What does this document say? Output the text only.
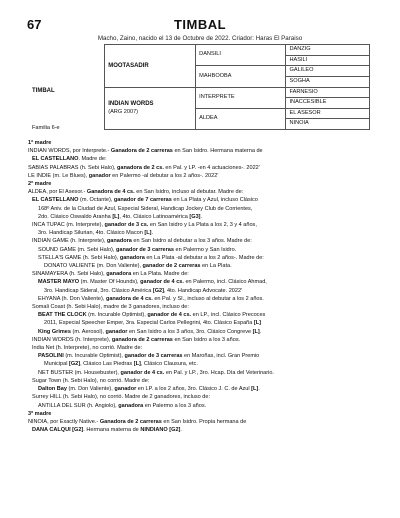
67	TIMBAL
Macho, Zaino, nacido el 13 de Octubre de 2022. Criador: Haras El Paraiso
TIMBAL
Familia 6-e	MOOTASADIR	DANSILI	DANZIG
			HASILI
		MAHBOOBA	GALILEO
			SOGHA
	INDIAN WORDS
(ARG 2007)	INTERPRETE	FARNESIO
			INACCESIBLE
		ALDEA	EL ASESOR
			NINOIA
1ª madre
INDIAN WORDS, por Interprete.- Ganadora de 2 carreras en San Isidro. Hermana materna de
EL CASTELLANO. Madre de:
SABIAS PALABRAS (h. Sebi Halo), ganadora de 2 cs. en Pal. y LP. -en 4 actuaciones-. 2022'
LE INDIE (m. Le Blues), ganador en Palermo -al debutar a los 2 años-. 2022'
2ª madre
ALDEA, por El Asesor.- Ganadora de 4 cs. en San Isidro, incluso al debutar. Madre de:
EL CASTELLANO (m. Octante), ganador de 7 carreras en La Plata y Azul, incluso Clásico
168º Aniv. de la Ciudad de Azul, Especial Sideral, Handicap Jockey Club de Corrientes,
2do. Clásico Oswaldo Aranha [L], 4to. Clásico Latinoamérica [G3].
INCA TUPAC (m. Interprete), ganador de 3 cs. en San Isidro y La Plata a los 2, 3 y 4 años,
3ro. Handicap Silurian, 4to. Clásico Macon [L].
INDIAN GAME (h. Interprete), ganadora en San Isidro al debutar a los 3 años. Madre de:
SOUND GAME (m. Sebi Halo), ganador de 3 carreras en Palermo y San Isidro.
STELLA'S GAME (h. Sebi Halo), ganadora en La Plata -al debutar a los 2 años-. Madre de:
DONATO VALIENTE (m. Don Valiente), ganador de 2 carreras en La Plata.
SINAMAYERA (h. Sebi Halo), ganadora en La Plata. Madre de:
MASTER MAYO (m. Master Of Hounds), ganador de 4 cs. en Palermo, incl. Clásico Ahmad,
3ro. Handicap Sideral, 3ro. Clásico América [G2], 4to. Handicap Advocate. 2022'
EHYANA (h. Don Valiente), ganadora de 4 cs. en Pal. y SI., incluso al debutar a los 2 años.
Somali Coast (h. Sebi Halo), madre de 3 ganadores, incluso de:
BEAT THE CLOCK (m. Incurable Optimist), ganador de 4 cs. en LP., incl. Clásico Precoces
2011, Especial Speecher Emper, 3ra. Especial Carlos Pellegrini, 4to. Clásico España [L]
King Grimes (m. Aerosol), ganador en San Isidro a los 3 años, 3ro. Clásico Congreve [L].
INDIAN WORDS (h. Interprete), ganadora de 2 carreras en San Isidro a los 3 años.
India Net (h. Interprete), no corrió. Madre de:
PASOLINI (m. Incurable Optimist), ganador de 3 carreras en Maroñas, incl. Gran Premio
Municipal [G2], Clásico Las Piedras [L], Clásico Clausura, etc.
NET BUSTER (m. Housebuster), ganador de 4 cs. en Pal. y LP., 3ro. Hcap. Día del Veterinario.
Sugar Town (h. Sebi Halo), no corrió. Madre de:
Dalton Bay (m. Don Valiente), ganador en LP. a los 2 años, 3ro. Clásico J. C. de Azul [L].
Surrey HILL (h. Sebi Halo), no corrió. Madre de 2 ganadores, incluso de:
ANTILLA DEL SUR (h. Angiolo), ganadora en Palermo a los 3 años.
3ª madre
NINOIA, por Exactly Native.- Ganadora de 2 carreras en San Isidro. Propia hermana de
DANA CALQUI [G2]. Hermana materna de NINDIANO [G2].
